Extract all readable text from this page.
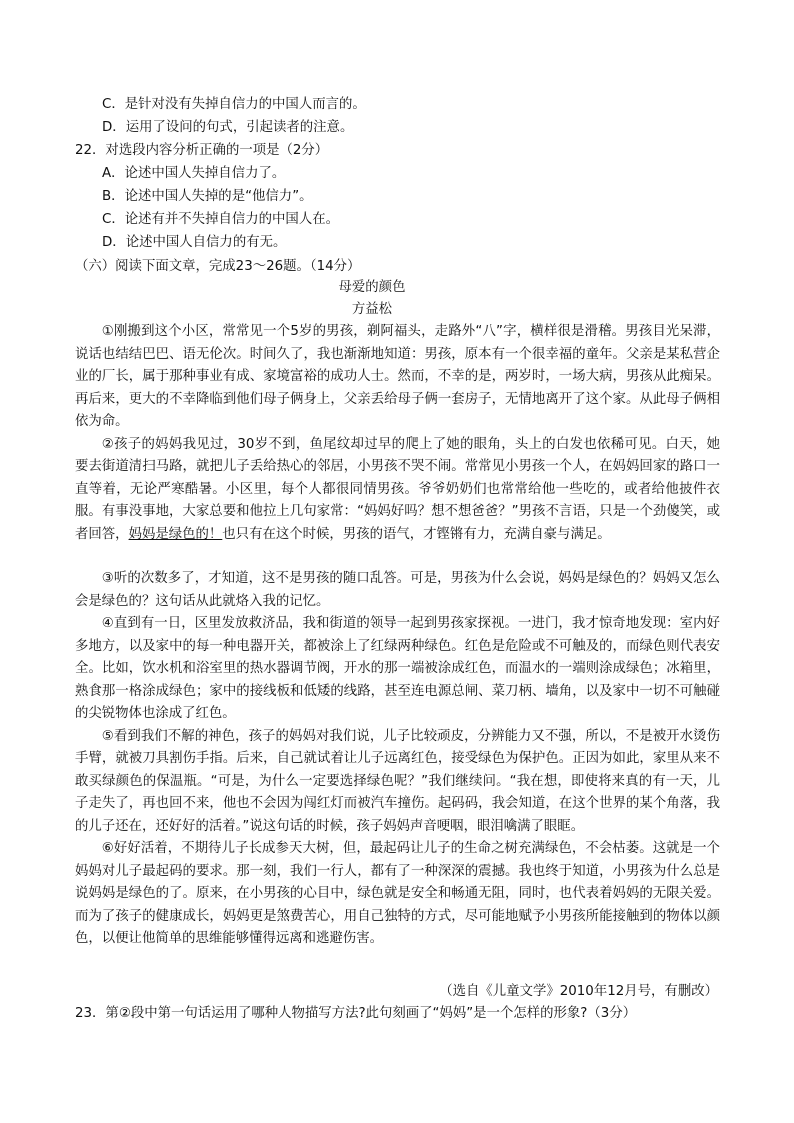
C．是针对没有失掉自信力的中国人而言的。
D．运用了设问的句式，引起读者的注意。
22．对选段内容分析正确的一项是（2分）
A．论述中国人失掉自信力了。
B．论述中国人失掉的是“他信力”。
C．论述有并不失掉自信力的中国人在。
D．论述中国人自信力的有无。
（六）阅读下面文章，完成23～26题。（14分）
母爱的颜色
方益松

①刚搬到这个小区，常常见一个5岁的男孩，剃阿福头，走路外“八”字，横样很是滑稽。男孩目光呆滞，说话也结结巴巴、语无伦次。时间久了，我也渐渐地知道：男孩，原本有一个很幸福的童年。父亲是某私营企业的厂长，属于那种事业有成、家境富裕的成功人士。然而，不幸的是，两岁时，一场大病，男孩从此痴呆。再后来，更大的不幸降临到他们母子俩身上，父亲丢给母子俩一套房子，无情地离开了这个家。从此母子俩相依为命。

②孩子的妈妈我见过，30岁不到，鱼尾纹却过早的爬上了她的眼角，头上的白发也依稀可见。白天，她要去街道清扫马路，就把儿子丢给热心的邻居，小男孩不哭不闹。常常见小男孩一个人，在妈妈回家的路口一直等着，无论严寒酷暑。小区里，每个人都很同情男孩。爷爷奶奶们也常常给他一些吃的，或者给他披件衣服。有事没事地，大家总要和他拉上几句家常：“妈妈好吗？想不想爸爸？”男孩不言语，只是一个劲傻笑，或者回答，妈妈是绿色的！也只有在这个时候，男孩的语气，才铿锵有力，充满自豪与满足。

③听的次数多了，才知道，这不是男孩的随口乱答。可是，男孩为什么会说，妈妈是绿色的？妈妈又怎么会是绿色的？这句话从此就烙入我的记忆。

④直到有一日，区里发放救济品，我和街道的领导一起到男孩家探视。一进门，我才惊奇地发现：室内好多地方，以及家中的每一种电器开关，都被涂上了红绿两种绿色。红色是危险或不可触及的，而绿色则代表安全。比如，饮水机和浴室里的热水器调节阀，开水的那一端被涂成红色，而温水的一端则涂成绿色；冰箱里，熟食那一格涂成绿色；家中的接线板和低矮的线路，甚至连电源总闸、菜刀柄、墙角，以及家中一切不可触碰的尖锐物体也涂成了红色。

⑤看到我们不解的神色，孩子的妈妈对我们说，儿子比较顽皮，分辨能力又不强，所以，不是被开水烫伤手臂，就被刀具割伤手指。后来，自己就试着让儿子远离红色，接受绿色为保护色。正因为如此，家里从来不敢买绿颜色的保温瓶。“可是，为什么一定要选择绿色呢？”我们继续问。“我在想，即使将来真的有一天，儿子走失了，再也回不来，他也不会因为闯红灯而被汽车撞伤。起码码，我会知道，在这个世界的某个角落，我的儿子还在，还好好的活着。”说这句话的时候，孩子妈妈声音哽咽，眼泪噙满了眼眶。

⑥好好活着，不期待儿子长成参天大树，但，最起码让儿子的生命之树充满绿色，不会枯萎。这就是一个妈妈对儿子最起码的要求。那一刻，我们一行人，都有了一种深深的震撼。我也终于知道，小男孩为什么总是说妈妈是绿色的了。原来，在小男孩的心目中，绿色就是安全和畅通无阻，同时，也代表着妈妈的无限关爱。而为了孩子的健康成长，妈妈更是煞费苦心，用自己独特的方式，尽可能地赋予小男孩所能接触到的物体以颜色，以便让他简单的思维能够懂得远离和逃避伤害。

（选自《儿童文学》2010年12月号，有删改）
23．第②段中第一句话运用了哪种人物描写方法?此句刻画了“妈妈”是一个怎样的形象?（3分）
